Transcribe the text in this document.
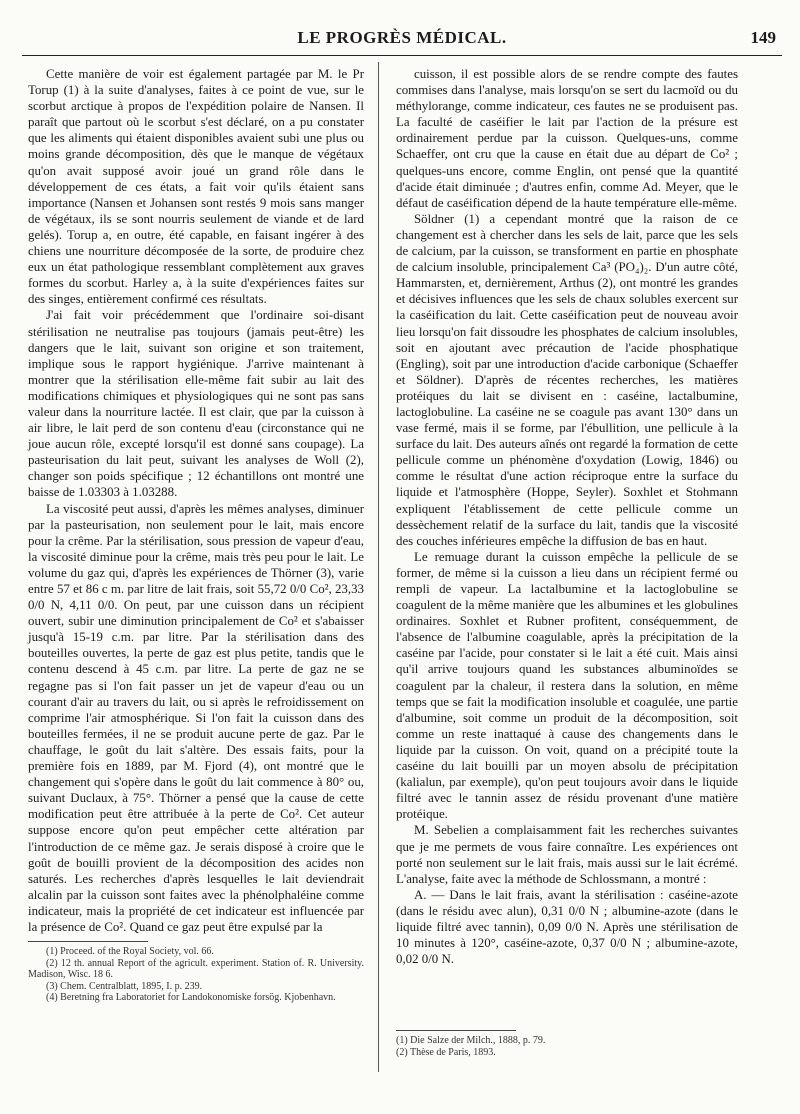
LE PROGRÈS MÉDICAL.	149

Cette manière de voir est également partagée par M. le Pr Torup (1) à la suite d'analyses, faites à ce point de vue, sur le scorbut arctique à propos de l'expédition polaire de Nansen. Il paraît que partout où le scorbut s'est déclaré, on a pu constater que les aliments qui étaient disponibles avaient subi une plus ou moins grande décomposition, dès que le manque de végétaux qu'on avait supposé avoir joué un grand rôle dans le développement de ces états, a fait voir qu'ils étaient sans importance (Nansen et Johansen sont restés 9 mois sans manger de végétaux, ils se sont nourris seulement de viande et de lard gelés). Torup a, en outre, été capable, en faisant ingérer à des chiens une nourriture décomposée de la sorte, de produire chez eux un état pathologique ressemblant complètement aux graves formes du scorbut. Harley a, à la suite d'expériences faites sur des singes, entièrement confirmé ces résultats.

J'ai fait voir précédemment que l'ordinaire soi-disant stérilisation ne neutralise pas toujours (jamais peut-être) les dangers que le lait, suivant son origine et son traitement, implique sous le rapport hygiénique. J'arrive maintenant à montrer que la stérilisation elle-même fait subir au lait des modifications chimiques et physiologiques qui ne sont pas sans valeur dans la nourriture lactée. Il est clair, que par la cuisson à air libre, le lait perd de son contenu d'eau (circonstance qui ne joue aucun rôle, excepté lorsqu'il est donné sans coupage). La pasteurisation du lait peut, suivant les analyses de Woll (2), changer son poids spécifique ; 12 échantillons ont montré une baisse de 1.03303 à 1.03288.

La viscosité peut aussi, d'après les mêmes analyses, diminuer par la pasteurisation, non seulement pour le lait, mais encore pour la crême. Par la stérilisation, sous pression de vapeur d'eau, la viscosité diminue pour la crême, mais très peu pour le lait. Le volume du gaz qui, d'après les expériences de Thörner (3), varie entre 57 et 86 c m. par litre de lait frais, soit 55,72 0/0 Co², 23,33 0/0 N, 4,11 0/0. On peut, par une cuisson dans un récipient ouvert, subir une diminution principalement de Co² et s'abaisser jusqu'à 15-19 c.m. par litre. Par la stérilisation dans des bouteilles ouvertes, la perte de gaz est plus petite, tandis que le contenu descend à 45 c.m. par litre. La perte de gaz ne se regagne pas si l'on fait passer un jet de vapeur d'eau ou un courant d'air au travers du lait, ou si après le refroidissement on comprime l'air atmosphérique. Si l'on fait la cuisson dans des bouteilles fermées, il ne se produit aucune perte de gaz. Par le chauffage, le goût du lait s'altère. Des essais faits, pour la première fois en 1889, par M. Fjord (4), ont montré que le changement qui s'opère dans le goût du lait commence à 80° ou, suivant Duclaux, à 75°. Thörner a pensé que la cause de cette modification peut être attribuée à la perte de Co². Cet auteur suppose encore qu'on peut empêcher cette altération par l'introduction de ce même gaz. Je serais disposé à croire que le goût de bouilli provient de la décomposition des acides non saturés. Les recherches d'après lesquelles le lait deviendrait alcalin par la cuisson sont faites avec la phénolphaléine comme indicateur, mais la propriété de cet indicateur est influencée par la présence de Co². Quand ce gaz peut être expulsé par la

(1) Proceed. of the Royal Society, vol. 66.

(2) 12 th. annual Report of the agricult. experiment. Station of. R. University. Madison, Wisc. 18 6.

(3) Chem. Centralblatt, 1895, I. p. 239.

(4) Beretning fra Laboratoriet for Landokonomiske forsög. Kjobenhavn.

cuisson, il est possible alors de se rendre compte des fautes commises dans l'analyse, mais lorsqu'on se sert du lacmoïd ou du méthylorange, comme indicateur, ces fautes ne se produisent pas. La faculté de caséifier le lait par l'action de la présure est ordinairement perdue par la cuisson. Quelques-uns, comme Schaeffer, ont cru que la cause en était due au départ de Co² ; quelques-uns encore, comme Englin, ont pensé que la quantité d'acide était diminuée ; d'autres enfin, comme Ad. Meyer, que le défaut de caséification dépend de la haute température elle-même.

Söldner (1) a cependant montré que la raison de ce changement est à chercher dans les sels de lait, parce que les sels de calcium, par la cuisson, se transforment en partie en phosphate de calcium insoluble, principalement Ca³ (PO₄)₂. D'un autre côté, Hammarsten, et, dernièrement, Arthus (2), ont montré les grandes et décisives influences que les sels de chaux solubles exercent sur la caséification du lait. Cette caséification peut de nouveau avoir lieu lorsqu'on fait dissoudre les phosphates de calcium insolubles, soit en ajoutant avec précaution de l'acide phosphatique (Engling), soit par une introduction d'acide carbonique (Schaeffer et Söldner). D'après de récentes recherches, les matières protéiques du lait se divisent en : caséine, lactalbumine, lactoglobuline. La caséine ne se coagule pas avant 130° dans un vase fermé, mais il se forme, par l'ébullition, une pellicule à la surface du lait. Des auteurs aînés ont regardé la formation de cette pellicule comme un phénomène d'oxydation (Lowig, 1846) ou comme le résultat d'une action réciproque entre la surface du liquide et l'atmosphère (Hoppe, Seyler). Soxhlet et Stohmann expliquent l'établissement de cette pellicule comme un dessèchement relatif de la surface du lait, tandis que la viscosité des couches inférieures empêche la diffusion de bas en haut.

Le remuage durant la cuisson empêche la pellicule de se former, de même si la cuisson a lieu dans un récipient fermé ou rempli de vapeur. La lactalbumine et la lactoglobuline se coagulent de la même manière que les albumines et les globulines ordinaires. Soxhlet et Rubner profitent, conséquemment, de l'absence de l'albumine coagulable, après la précipitation de la caséine par l'acide, pour constater si le lait a été cuit. Mais ainsi qu'il arrive toujours quand les substances albuminoïdes se coagulent par la chaleur, il restera dans la solution, en même temps que se fait la modification insoluble et coagulée, une partie d'albumine, soit comme un produit de la décomposition, soit comme un reste inattaqué à cause des changements dans le liquide par la cuisson. On voit, quand on a précipité toute la caséine du lait bouilli par un moyen absolu de précipitation (kalialun, par exemple), qu'on peut toujours avoir dans le liquide filtré avec le tannin assez de résidu provenant d'une matière protéique.

M. Sebelien a complaisamment fait les recherches suivantes que je me permets de vous faire connaître. Les expériences ont porté non seulement sur le lait frais, mais aussi sur le lait écrémé. L'analyse, faite avec la méthode de Schlossmann, a montré :

A. — Dans le lait frais, avant la stérilisation : caséine-azote (dans le résidu avec alun), 0,31 0/0 N ; albumine-azote (dans le liquide filtré avec tannin), 0,09 0/0 N. Après une stérilisation de 10 minutes à 120°, caséine-azote, 0,37 0/0 N ; albumine-azote, 0,02 0/0 N.

(1) Die Salze der Milch., 1888, p. 79.

(2) Thèse de Paris, 1893.
